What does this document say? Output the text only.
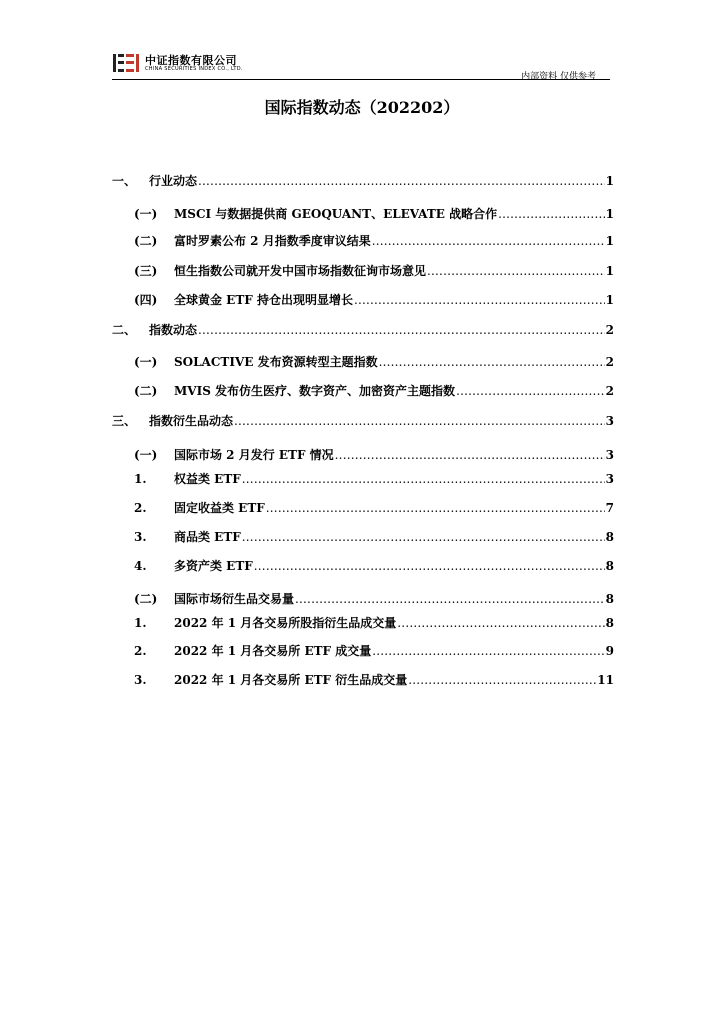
中证指数有限公司
CHINA SECURITIES INDEX CO., LTD.
内部资料 仅供参考
国际指数动态（202202）
一、 行业动态 .....	1
(一) MSCI 与数据提供商 GEOQUANT、ELEVATE 战略合作 .....	1
(二) 富时罗素公布 2 月指数季度审议结果 .....	1
(三) 恒生指数公司就开发中国市场指数征询市场意见 .....	1
(四) 全球黄金 ETF 持仓出现明显增长 .....	1
二、 指数动态 .....	2
(一) SOLACTIVE 发布资源转型主题指数 .....	2
(二) MVIS 发布仿生医疗、数字资产、加密资产主题指数 .....	2
三、 指数衍生品动态 .....	3
(一) 国际市场 2 月发行 ETF 情况 .....	3
1. 权益类 ETF .....	3
2. 固定收益类 ETF .....	7
3. 商品类 ETF .....	8
4. 多资产类 ETF .....	8
(二) 国际市场衍生品交易量 .....	8
1. 2022 年 1 月各交易所股指衍生品成交量 .....	8
2. 2022 年 1 月各交易所 ETF 成交量 .....	9
3. 2022 年 1 月各交易所 ETF 衍生品成交量 .....	11
